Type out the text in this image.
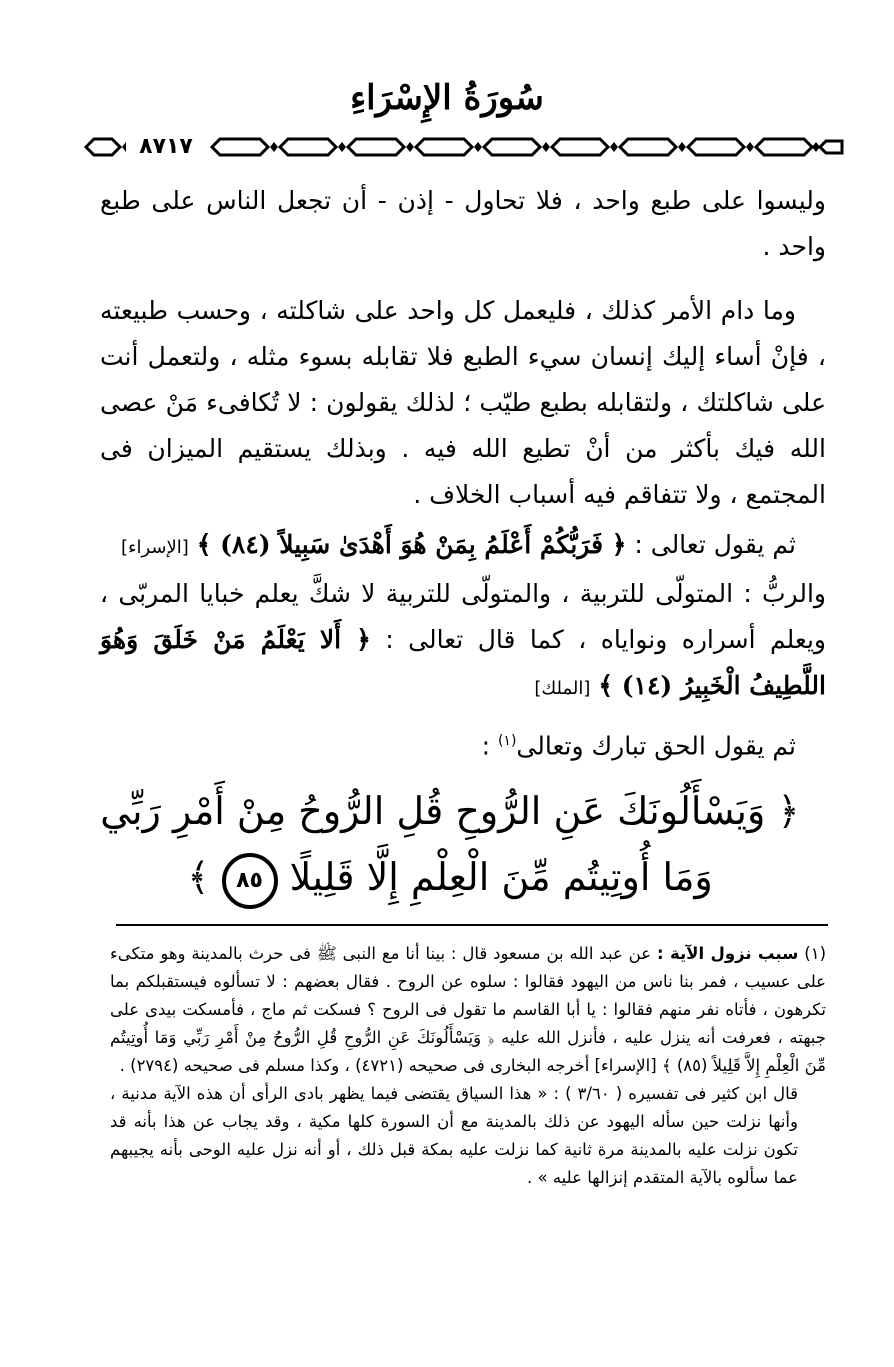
سُورَةُ الإِسْرَاءِ
٨٧١٧

وليسوا على طبع واحد ، فلا تحاول - إذن - أن تجعل الناس على طبع واحد .

وما دام الأمر كذلك ، فليعمل كل واحد على شاكلته ، وحسب طبيعته ، فإنْ أساء إليك إنسان سيء الطبع فلا تقابله بسوء مثله ، ولتعمل أنت على شاكلتك ، ولتقابله بطبع طيّب ؛ لذلك يقولون : لا تُكافىء مَنْ عصى الله فيك بأكثر من أنْ تطيع الله فيه . وبذلك يستقيم الميزان فى المجتمع ، ولا تتفاقم فيه أسباب الخلاف .

ثم يقول تعالى : ﴿ فَرَبُّكُمْ أَعْلَمُ بِمَنْ هُوَ أَهْدَىٰ سَبِيلاً (٨٤) ﴾ [الإسراء]

والربُّ : المتولّى للتربية ، والمتولّى للتربية لا شكَّ يعلم خبايا المربّى ، ويعلم أسراره ونواياه ، كما قال تعالى : ﴿ أَلا يَعْلَمُ مَنْ خَلَقَ وَهُوَ اللَّطِيفُ الْخَبِيرُ (١٤) ﴾ [الملك]

ثم يقول الحق تبارك وتعالى$^{(١)}$ :

﴿ وَيَسْأَلُونَكَ عَنِ الرُّوحِ قُلِ الرُّوحُ مِنْ أَمْرِ رَبِّي
وَمَا أُوتِيتُم مِّنَ الْعِلْمِ إِلَّا قَلِيلًا ٨٥ ﴾

(١) سبب نزول الآية : عن عبد الله بن مسعود قال : بينا أنا مع النبى ﷺ فى حرث بالمدينة وهو متكىء على عسيب ، فمر بنا ناس من اليهود فقالوا : سلوه عن الروح . فقال بعضهم : لا تسألوه فيستقبلكم بما تكرهون ، فأتاه نفر منهم فقالوا : يا أبا القاسم ما تقول فى الروح ؟ فسكت ثم ماج ، فأمسكت بيدى على جبهته ، فعرفت أنه ينزل عليه ، فأنزل الله عليه ﴿ وَيَسْأَلُونَكَ عَنِ الرُّوحِ قُلِ الرُّوحُ مِنْ أَمْرِ رَبِّي وَمَا أُوتِيتُم مِّنَ الْعِلْمِ إِلاَّ قَلِيلاً (٨٥) ﴾ [الإسراء] أخرجه البخارى فى صحيحه (٤٧٢١) ، وكذا مسلم فى صحيحه (٢٧٩٤) .

قال ابن كثير فى تفسيره ( ٣/٦٠ ) : « هذا السياق يقتضى فيما يظهر بادى الرأى أن هذه الآية مدنية ، وأنها نزلت حين سأله اليهود عن ذلك بالمدينة مع أن السورة كلها مكية ، وقد يجاب عن هذا بأنه قد تكون نزلت عليه بالمدينة مرة ثانية كما نزلت عليه بمكة قبل ذلك ، أو أنه نزل عليه الوحى بأنه يجيبهم عما سألوه بالآية المتقدم إنزالها عليه » .
